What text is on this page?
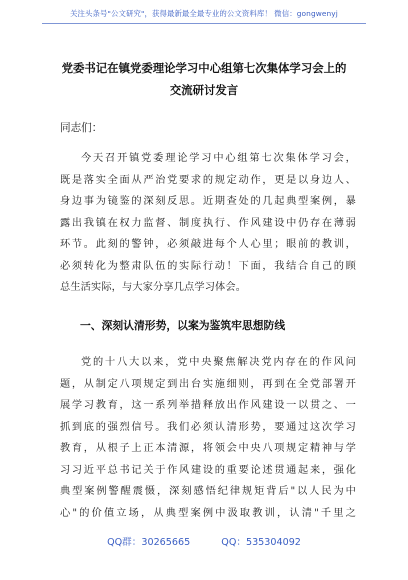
关注头条号"公文研究"，获得最新最全最专业的公文资料库！ 微信：gongwenyj
党委书记在镇党委理论学习中心组第七次集体学习会上的
交流研讨发言
同志们：
今天召开镇党委理论学习中心组第七次集体学习会，
既是落实全面从严治党要求的规定动作，更是以身边人、
身边事为镜鉴的深刻反思。近期查处的几起典型案例，暴
露出我镇在权力监督、制度执行、作风建设中仍存在薄弱
环节。此刻的警钟，必须敲进每个人心里；眼前的教训，
必须转化为整肃队伍的实际行动！下面，我结合自己的顾
总生活实际，与大家分享几点学习体会。
一、深刻认清形势，以案为鉴筑牢思想防线
党的十八大以来，党中央聚焦解决党内存在的作风问
题，从制定八项规定到出台实施细则，再到在全党部署开
展学习教育，这一系列举措释放出作风建设一以贯之、一
抓到底的强烈信号。我们必须认清形势，要通过这次学习
教育，从根子上正本清源，将领会中央八项规定精神与学
习习近平总书记关于作风建设的重要论述贯通起来，强化
典型案例警醒震慑，深刻感悟纪律规矩背后"以人民为中
心"的价值立场，从典型案例中汲取教训，认清"千里之
QQ群：30265665	QQ：535304092
